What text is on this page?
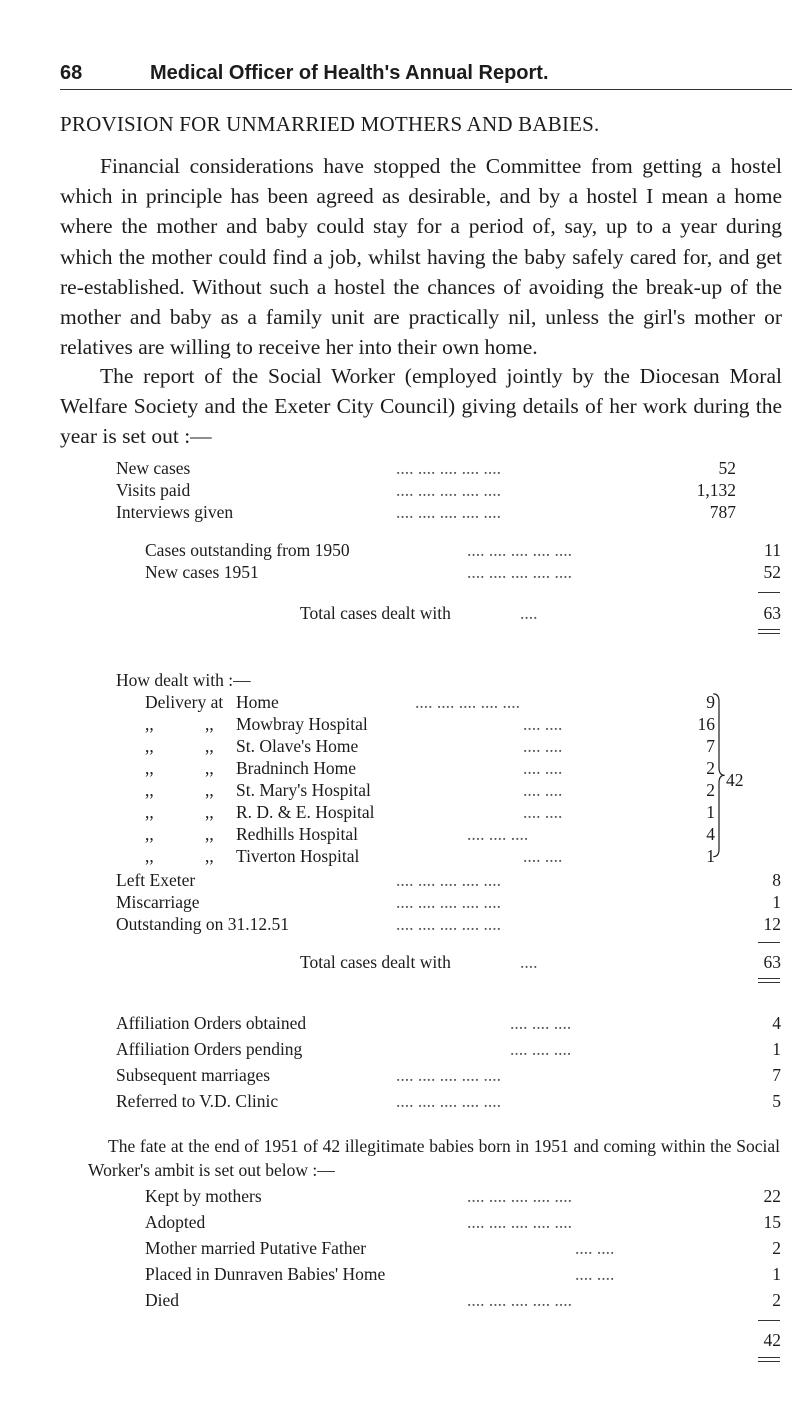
68	Medical Officer of Health's Annual Report.
PROVISION FOR UNMARRIED MOTHERS AND BABIES.

Financial considerations have stopped the Committee from getting a hostel which in principle has been agreed as desirable, and by a hostel I mean a home where the mother and baby could stay for a period of, say, up to a year during which the mother could find a job, whilst having the baby safely cared for, and get re-established. Without such a hostel the chances of avoiding the break-up of the mother and baby as a family unit are practically nil, unless the girl's mother or relatives are willing to receive her into their own home.

The report of the Social Worker (employed jointly by the Diocesan Moral Welfare Society and the Exeter City Council) giving details of her work during the year is set out :—

New cases	.... .... .... .... ....	52
Visits paid	.... .... .... .... ....	1,132
Interviews given	.... .... .... .... ....	787
Cases outstanding from 1950	.... .... .... .... ....	11
New cases 1951	.... .... .... .... ....	52
Total cases dealt with	....	63
How dealt with :—
Delivery at Home	.... .... .... .... ....	9
,,	,, Mowbray Hospital	.... ....	16
,,	,, St. Olave's Home	.... ....	7
,,	,, Bradninch Home	.... ....	2
,,	,, St. Mary's Hospital	.... ....	2
,,	,, R. D. & E. Hospital	.... ....	1
,,	,, Redhills Hospital	.... .... ....	4
,,	,, Tiverton Hospital	.... ....	1
42
Left Exeter	.... .... .... .... ....	8
Miscarriage	.... .... .... .... ....	1
Outstanding on 31.12.51	.... .... .... .... ....	12
Total cases dealt with	....	63
Affiliation Orders obtained	.... .... ....	4
Affiliation Orders pending	.... .... ....	1
Subsequent marriages	.... .... .... .... ....	7
Referred to V.D. Clinic	.... .... .... .... ....	5

The fate at the end of 1951 of 42 illegitimate babies born in 1951 and coming within the Social Worker's ambit is set out below :—

Kept by mothers	.... .... .... .... ....	22
Adopted	.... .... .... .... ....	15
Mother married Putative Father	.... ....	2
Placed in Dunraven Babies' Home	.... ....	1
Died	.... .... .... .... ....	2
42
